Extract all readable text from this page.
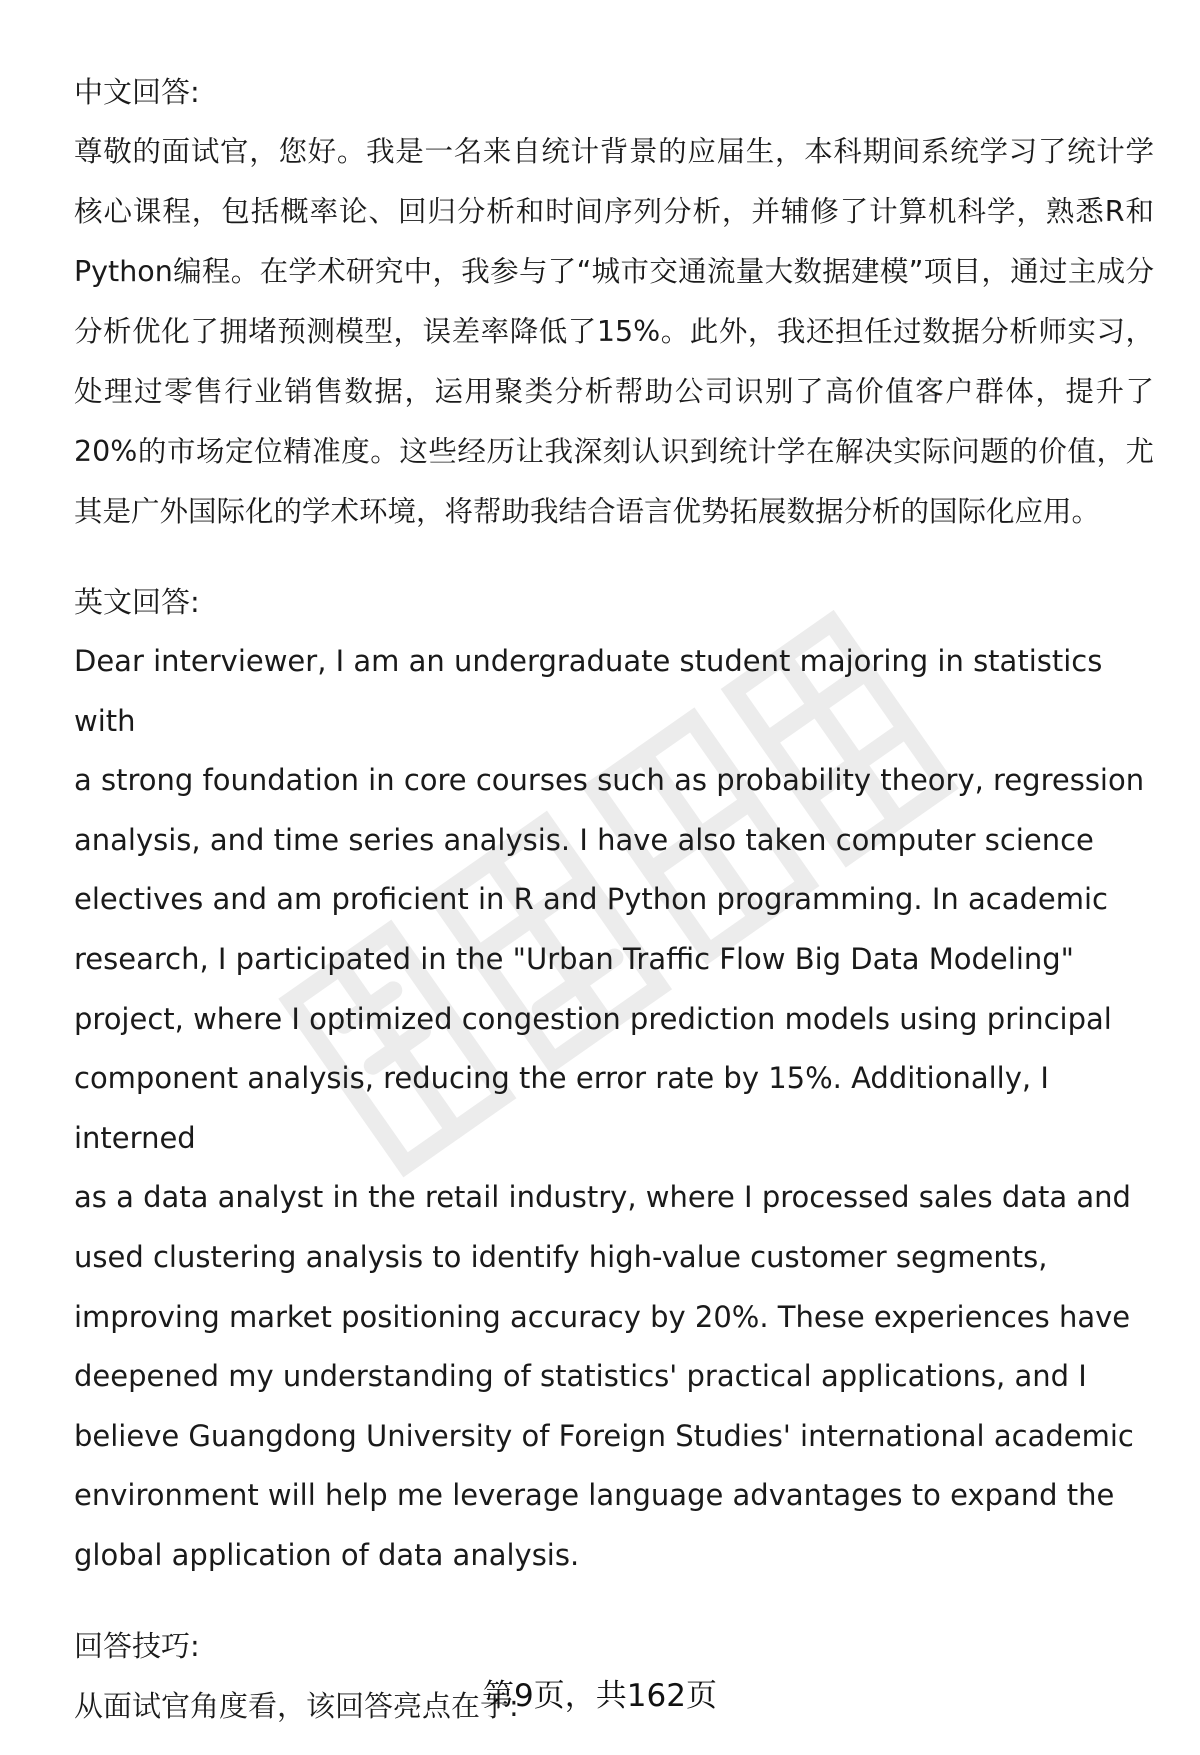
中文回答:

尊敬的面试官，您好。我是一名来自统计背景的应届生，本科期间系统学习了统计学核心课程，包括概率论、回归分析和时间序列分析，并辅修了计算机科学，熟悉R和Python编程。在学术研究中，我参与了“城市交通流量大数据建模”项目，通过主成分分析优化了拥堵预测模型，误差率降低了15%。此外，我还担任过数据分析师实习，处理过零售行业销售数据，运用聚类分析帮助公司识别了高价值客户群体，提升了20%的市场定位精准度。这些经历让我深刻认识到统计学在解决实际问题的价值，尤其是广外国际化的学术环境，将帮助我结合语言优势拓展数据分析的国际化应用。

英文回答:
Dear interviewer, I am an undergraduate student majoring in statistics with
a strong foundation in core courses such as probability theory, regression
analysis, and time series analysis. I have also taken computer science
electives and am proficient in R and Python programming. In academic
research, I participated in the "Urban Traffic Flow Big Data Modeling"
project, where I optimized congestion prediction models using principal
component analysis, reducing the error rate by 15%. Additionally, I interned
as a data analyst in the retail industry, where I processed sales data and
used clustering analysis to identify high-value customer segments,
improving market positioning accuracy by 20%. These experiences have
deepened my understanding of statistics' practical applications, and I
believe Guangdong University of Foreign Studies' international academic
environment will help me leverage language advantages to expand the
global application of data analysis.
回答技巧:
从面试官角度看，该回答亮点在于:
第9页，共162页
